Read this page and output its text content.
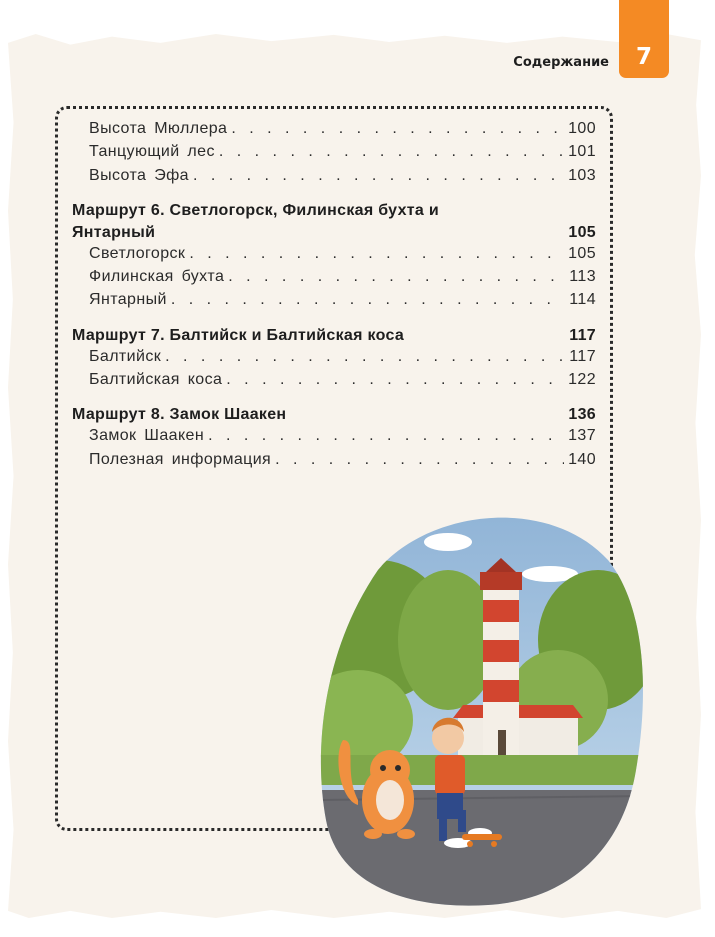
7
Содержание
Высота Мюллера . . .	100
Танцующий лес . . .	101
Высота Эфа . . .	103
Маршрут 6. Светлогорск, Филинская бухта и Янтарный	105
Светлогорск . . .	105
Филинская бухта . . .	113
Янтарный . . .	114
Маршрут 7. Балтийск и Балтийская коса	117
Балтийск . . .	117
Балтийская коса . . .	122
Маршрут 8. Замок Шаакен	136
Замок Шаакен . . .	137
Полезная информация . . .	140
